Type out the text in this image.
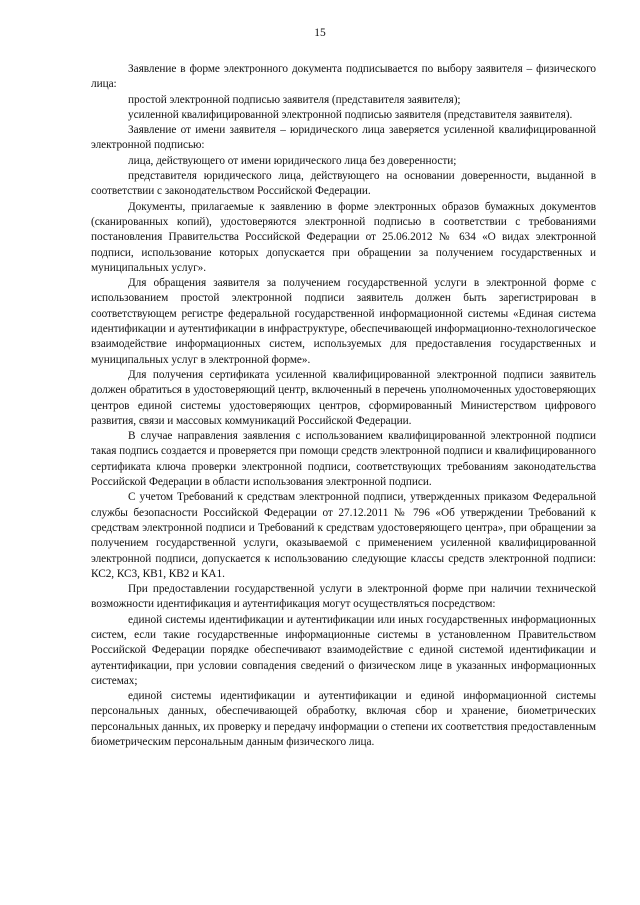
15

Заявление в форме электронного документа подписывается по выбору заявителя – физического лица:

простой электронной подписью заявителя (представителя заявителя);

усиленной квалифицированной электронной подписью заявителя (представителя заявителя).

Заявление от имени заявителя – юридического лица заверяется усиленной квалифицированной электронной подписью:

лица, действующего от имени юридического лица без доверенности;

представителя юридического лица, действующего на основании доверенности, выданной в соответствии с законодательством Российской Федерации.

Документы, прилагаемые к заявлению в форме электронных образов бумажных документов (сканированных копий), удостоверяются электронной подписью в соответствии с требованиями постановления Правительства Российской Федерации от 25.06.2012 № 634 «О видах электронной подписи, использование которых допускается при обращении за получением государственных и муниципальных услуг».

Для обращения заявителя за получением государственной услуги в электронной форме с использованием простой электронной подписи заявитель должен быть зарегистрирован в соответствующем регистре федеральной государственной информационной системы «Единая система идентификации и аутентификации в инфраструктуре, обеспечивающей информационно-технологическое взаимодействие информационных систем, используемых для предоставления государственных и муниципальных услуг в электронной форме».

Для получения сертификата усиленной квалифицированной электронной подписи заявитель должен обратиться в удостоверяющий центр, включенный в перечень уполномоченных удостоверяющих центров единой системы удостоверяющих центров, сформированный Министерством цифрового развития, связи и массовых коммуникаций Российской Федерации.

В случае направления заявления с использованием квалифицированной электронной подписи такая подпись создается и проверяется при помощи средств электронной подписи и квалифицированного сертификата ключа проверки электронной подписи, соответствующих требованиям законодательства Российской Федерации в области использования электронной подписи.

С учетом Требований к средствам электронной подписи, утвержденных приказом Федеральной службы безопасности Российской Федерации от 27.12.2011 № 796 «Об утверждении Требований к средствам электронной подписи и Требований к средствам удостоверяющего центра», при обращении за получением государственной услуги, оказываемой с применением усиленной квалифицированной электронной подписи, допускается к использованию следующие классы средств электронной подписи: КС2, КС3, КВ1, КВ2 и КА1.

При предоставлении государственной услуги в электронной форме при наличии технической возможности идентификация и аутентификация могут осуществляться посредством:

единой системы идентификации и аутентификации или иных государственных информационных систем, если такие государственные информационные системы в установленном Правительством Российской Федерации порядке обеспечивают взаимодействие с единой системой идентификации и аутентификации, при условии совпадения сведений о физическом лице в указанных информационных системах;

единой системы идентификации и аутентификации и единой информационной системы персональных данных, обеспечивающей обработку, включая сбор и хранение, биометрических персональных данных, их проверку и передачу информации о степени их соответствия предоставленным биометрическим персональным данным физического лица.
